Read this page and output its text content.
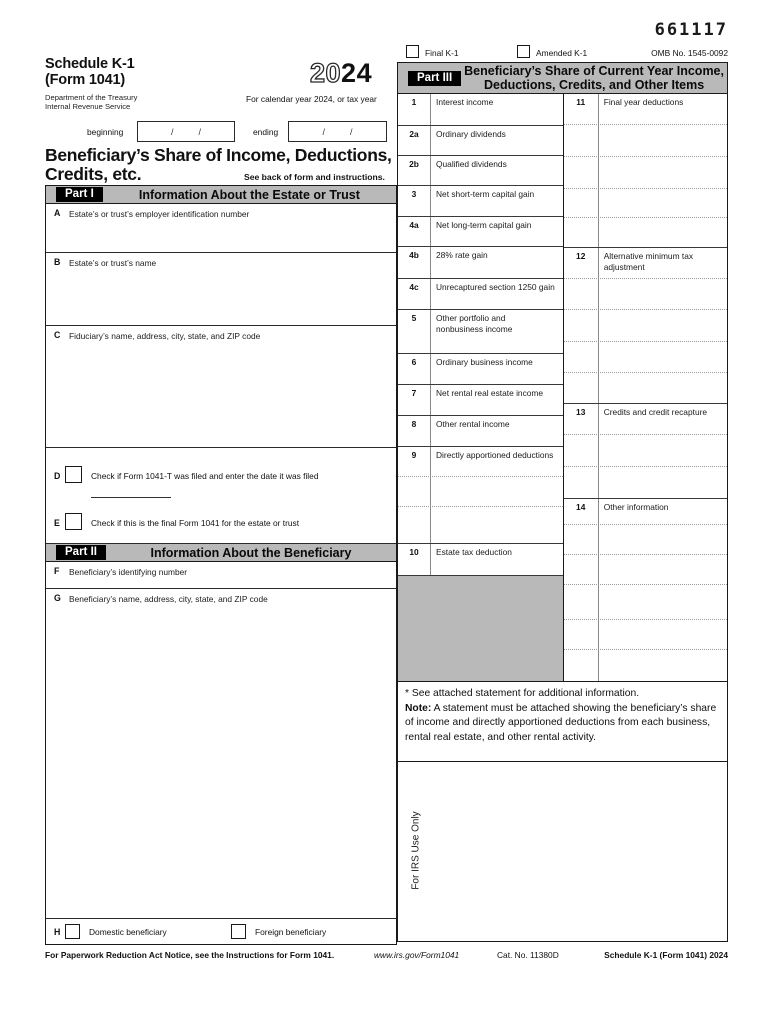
661117
Schedule K-1
(Form 1041)
Department of the Treasury
Internal Revenue Service
2024
For calendar year 2024, or tax year
beginning	/          /	ending	/          /
Beneficiary’s Share of Income, Deductions,
Credits, etc.	See back of form and instructions.
Final K-1	Amended K-1	OMB No. 1545-0092
Part I	Information About the Estate or Trust
A Estate’s or trust’s employer identification number
B Estate’s or trust’s name
C Fiduciary’s name, address, city, state, and ZIP code
D	Check if Form 1041-T was filed and enter the date it was filed
E	Check if this is the final Form 1041 for the estate or trust
Part II	Information About the Beneficiary
F Beneficiary’s identifying number
G Beneficiary’s name, address, city, state, and ZIP code
H	Domestic beneficiary	Foreign beneficiary
Part III Beneficiary’s Share of Current Year Income,
Deductions, Credits, and Other Items
1	Interest income
2a	Ordinary dividends
2b	Qualified dividends
3	Net short-term capital gain
4a	Net long-term capital gain
4b	28% rate gain
4c	Unrecaptured section 1250 gain
5	Other portfolio and nonbusiness income
6	Ordinary business income
7	Net rental real estate income
8	Other rental income
9	Directly apportioned deductions
10	Estate tax deduction
11	Final year deductions
12	Alternative minimum tax adjustment
13	Credits and credit recapture
14	Other information
* See attached statement for additional information.
Note: A statement must be attached showing the beneficiary’s share of income and directly apportioned deductions from each business, rental real estate, and other rental activity.
For IRS Use Only
For Paperwork Reduction Act Notice, see the Instructions for Form 1041.	www.irs.gov/Form1041	Cat. No. 11380D	Schedule K-1 (Form 1041) 2024
